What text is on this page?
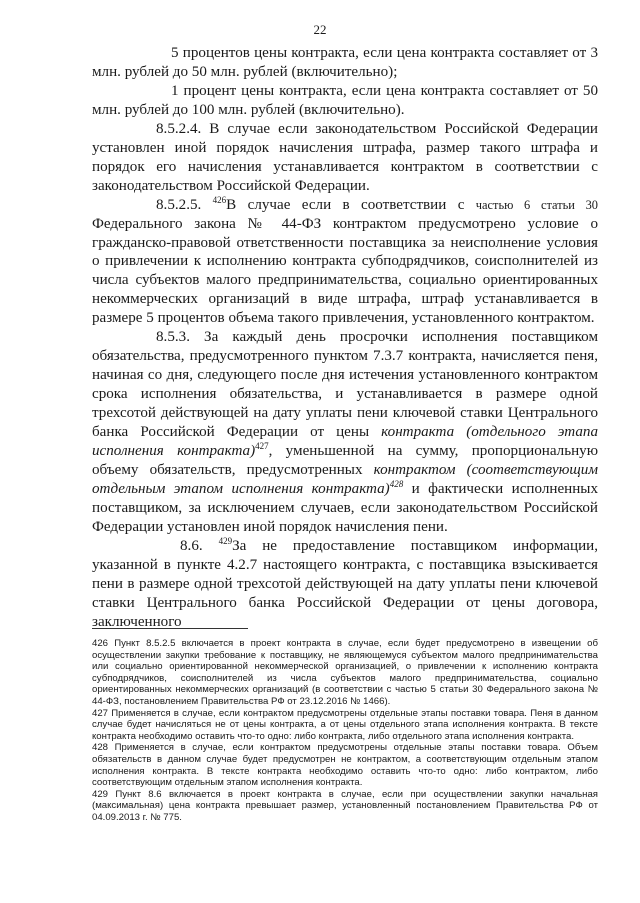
22

5 процентов цены контракта, если цена контракта составляет от 3 млн. рублей до 50 млн. рублей (включительно);

1 процент цены контракта, если цена контракта составляет от 50 млн. рублей до 100 млн. рублей (включительно).

8.5.2.4. В случае если законодательством Российской Федерации установлен иной порядок начисления штрафа, размер такого штрафа и порядок его начисления устанавливается контрактом в соответствии с законодательством Российской Федерации.

8.5.2.5. $^{426}$В случае если в соответствии с частью 6 статьи 30 Федерального закона № 44-ФЗ контрактом предусмотрено условие о гражданско-правовой ответственности поставщика за неисполнение условия о привлечении к исполнению контракта субподрядчиков, соисполнителей из числа субъектов малого предпринимательства, социально ориентированных некоммерческих организаций в виде штрафа, штраф устанавливается в размере 5 процентов объема такого привлечения, установленного контрактом.

8.5.3. За каждый день просрочки исполнения поставщиком обязательства, предусмотренного пунктом 7.3.7 контракта, начисляется пеня, начиная со дня, следующего после дня истечения установленного контрактом срока исполнения обязательства, и устанавливается в размере одной трехсотой действующей на дату уплаты пени ключевой ставки Центрального банка Российской Федерации от цены контракта (отдельного этапа исполнения контракта)$^{427}$, уменьшенной на сумму, пропорциональную объему обязательств, предусмотренных контрактом (соответствующим отдельным этапом исполнения контракта)$^{428}$ и фактически исполненных поставщиком, за исключением случаев, если законодательством Российской Федерации установлен иной порядок начисления пени.

8.6. $^{429}$За не предоставление поставщиком информации, указанной в пункте 4.2.7 настоящего контракта, с поставщика взыскивается пени в размере одной трехсотой действующей на дату уплаты пени ключевой ставки Центрального банка Российской Федерации от цены договора, заключенного

426 Пункт 8.5.2.5 включается в проект контракта в случае, если будет предусмотрено в извещении об осуществлении закупки требование к поставщику, не являющемуся субъектом малого предпринимательства или социально ориентированной некоммерческой организацией, о привлечении к исполнению контракта субподрядчиков, соисполнителей из числа субъектов малого предпринимательства, социально ориентированных некоммерческих организаций (в соответствии с частью 5 статьи 30 Федерального закона № 44-ФЗ, постановлением Правительства РФ от 23.12.2016 № 1466).

427 Применяется в случае, если контрактом предусмотрены отдельные этапы поставки товара. Пеня в данном случае будет начисляться не от цены контракта, а от цены отдельного этапа исполнения контракта. В тексте контракта необходимо оставить что-то одно: либо контракта, либо отдельного этапа исполнения контракта.

428 Применяется в случае, если контрактом предусмотрены отдельные этапы поставки товара. Объем обязательств в данном случае будет предусмотрен не контрактом, а соответствующим отдельным этапом исполнения контракта. В тексте контракта необходимо оставить что-то одно: либо контрактом, либо соответствующим отдельным этапом исполнения контракта.

429 Пункт 8.6 включается в проект контракта в случае, если при осуществлении закупки начальная (максимальная) цена контракта превышает размер, установленный постановлением Правительства РФ от 04.09.2013 г. № 775.
